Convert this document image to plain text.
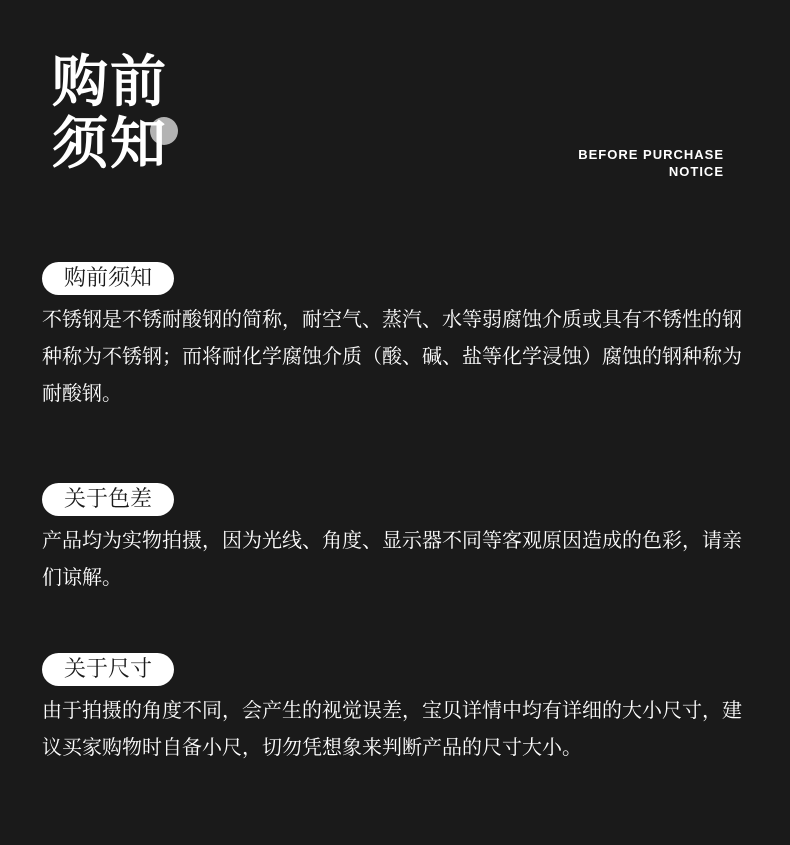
购前
须知	BEFORE PURCHASE
NOTICE
购前须知

不锈钢是不锈耐酸钢的简称，耐空气、蒸汽、水等弱腐蚀介质或具有不锈性的钢种称为不锈钢；而将耐化学腐蚀介质（酸、碱、盐等化学浸蚀）腐蚀的钢种称为耐酸钢。

关于色差

产品均为实物拍摄，因为光线、角度、显示器不同等客观原因造成的色彩，请亲们谅解。

关于尺寸

由于拍摄的角度不同，会产生的视觉误差，宝贝详情中均有详细的大小尺寸，建议买家购物时自备小尺，切勿凭想象来判断产品的尺寸大小。
